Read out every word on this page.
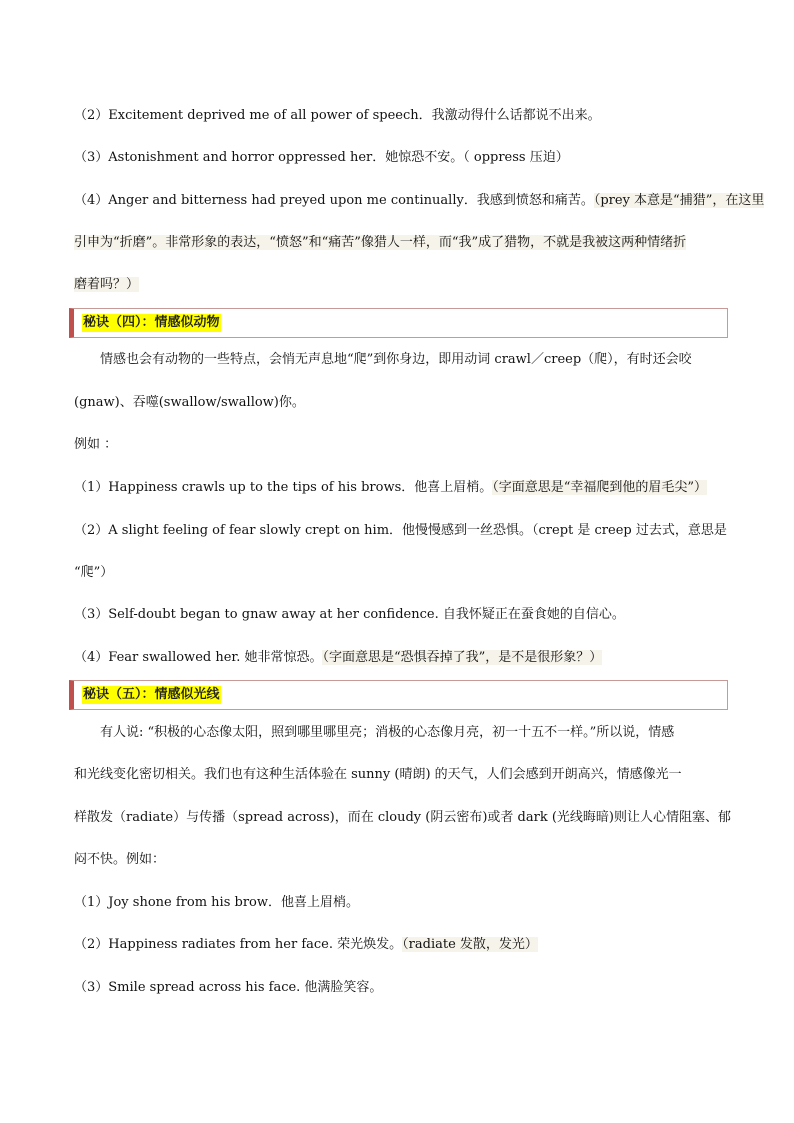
（2）Excitement deprived me of all power of speech．我激动得什么话都说不出来。
（3）Astonishment and horror oppressed her．她惊恐不安。（ oppress 压迫）
（4）Anger and bitterness had preyed upon me continually．我感到愤怒和痛苦。（prey 本意是“捕猎”，在这里
引申为“折磨”。非常形象的表达，“愤怒”和“痛苦”像猎人一样，而“我”成了猎物，不就是我被这两种情绪折
磨着吗？）
秘诀（四）：情感似动物
情感也会有动物的一些特点，会悄无声息地“爬”到你身边，即用动词 crawl／creep（爬），有时还会咬
(gnaw)、吞噬(swallow/swallow)你。
例如 ：
（1）Happiness crawls up to the tips of his brows．他喜上眉梢。（字面意思是“幸福爬到他的眉毛尖”）
（2）A slight feeling of fear slowly crept on him．他慢慢感到一丝恐惧。（crept 是 creep 过去式，意思是
“爬”）
（3）Self-doubt began to gnaw away at her confidence. 自我怀疑正在蚕食她的自信心。
（4）Fear swallowed her. 她非常惊恐。（字面意思是“恐惧吞掉了我”，是不是很形象？）
秘诀（五）：情感似光线
有人说: “积极的心态像太阳，照到哪里哪里亮；消极的心态像月亮，初一十五不一样。”所以说，情感
和光线变化密切相关。我们也有这种生活体验在 sunny (晴朗) 的天气，人们会感到开朗高兴，情感像光一
样散发（radiate）与传播（spread across)，而在 cloudy (阴云密布)或者 dark (光线晦暗)则让人心情阻塞、郁
闷不快。例如：
（1）Joy shone from his brow．他喜上眉梢。
（2）Happiness radiates from her face. 荣光焕发。（radiate 发散，发光）
（3）Smile spread across his face. 他满脸笑容。
